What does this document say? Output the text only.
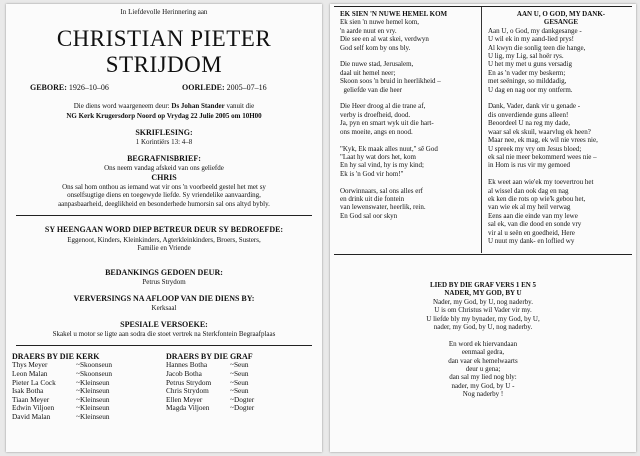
In Liefdevolle Herinnering aan
CHRISTIAN PIETER
STRIJDOM
GEBORE: 1926–10–06	OORLEDE: 2005–07–16
Die diens word waargeneem deur: Ds Johan Stander vanuit die
NG Kerk Krugersdorp Noord op Vrydag 22 Julie 2005 om 10H00
SKRIFLESING:
1 Korintiërs 13: 4–8
BEGRAFNISBRIEF:
Ons neem vandag afskeid van ons geliefde
CHRIS
Ons sal hom onthou as iemand wat vir ons 'n voorbeeld gestel het met sy
onselfsugtige diens en toegewyde liefde. Sy vriendelike aanvaarding,
aanpasbaarheid, deeglikheid en besonderhede humorsin sal ons altyd bybly.
SY HEENGAAN WORD DIEP BETREUR DEUR SY BEDROEFDE:
Eggenoot, Kinders, Kleinkinders, Agterkleinkinders, Broers, Susters,
Familie en Vriende
BEDANKINGS GEDOEN DEUR:
Petrus Strydom
VERVERSINGS NA AFLOOP VAN DIE DIENS BY:
Kerksaal
SPESIALE VERSOEKE:
Skakel u motor se ligte aan sodra die stoet vertrek na Sterkfontein Begraafplaas
DRAERS BY DIE KERK
Thys Meyer	~Skoonseun
Leon Malan	~Skoonseun
Pieter La Cock	~Kleinseun
Isak Botha	~Kleinseun
Tiaan Meyer	~Kleinseun
Edwin Viljoen	~Kleinseun
David Malan	~Kleinseun
DRAERS BY DIE GRAF
Hannes Botha	~Seun
Jacob Botha	~Seun
Petrus Strydom	~Seun
Chris Strydom	~Seun
Ellen Meyer	~Dogter
Magda Viljoen	~Dogter
EK SIEN 'N NUWE HEMEL KOM
Ek sien 'n nuwe hemel kom,
'n aarde nuut en vry.
Die see en al wat skei, verdwyn
God self kom by ons bly.

Die nuwe stad, Jerusalem,
daal uit hemel neer;
Skoon soos 'n bruid in heerlikheid –
geliefde van die heer

Die Heer droog al die trane af,
verby is droefheid, dood.
Ja, pyn en smart wyk uit die hart-
ons moeite, angs en nood.

"Kyk, Ek maak alles nuut," sê God
"Laat hy wat dors het, kom
En hy sal vind, hy is my kind;
Ek is 'n God vir hom!"

Oorwinnaars, sal ons alles erf
en drink uit die fontein
van lewenswater, heerlik, rein.
En God sal oor skyn
AAN U, O GOD, MY DANK-
GESANGE
Aan U, o God, my dankgesange -
U wil ek in my aand-lied prys!
Al kwyn die sonlig teen die hange,
U lig, my Lig, sal hoër rys.
U het my met u guns versadig
En as 'n vader my beskerm;
met seëninge, so milddadig,
U dag en nag oor my ontferm.

Dank, Vader, dank vir u genade -
dis onverdiende guns alleen!
Beoordeel U na reg my dade,
waar sal ek skuil, waarvlug ek heen?
Maar nee, ek mag, ek wil nie vrees nie,
U spreek my vry om Jesus bloed;
ek sal nie meer bekommerd wees nie –
in Hom is rus vir my gemoed

Ek weet aan wie'ek my toevertrou het
al wissel dan ook dag en nag
ek ken die rots op wie'k gebou het,
van wie ek al my heil verwag
Eens aan die einde van my lewe
sal ek, van die dood en sonde vry
vir al u seën en goedheid, Here
U nuut my dank- en loflied wy
LIED BY DIE GRAF VERS 1 EN 5
NADER, MY GOD, BY U
Nader, my God, by U, nog naderby.
U is om Christus wil Vader vir my.
U liefde bly my bynader, my God, by U,
nader, my God, by U, nog naderby.

En word ek hiervandaan
eenmaal gedra,
dan vaar ek hemelwaarts
deur u gena;
dan sal my lied nog bly:
nader, my God, by U -
Nog naderby !
